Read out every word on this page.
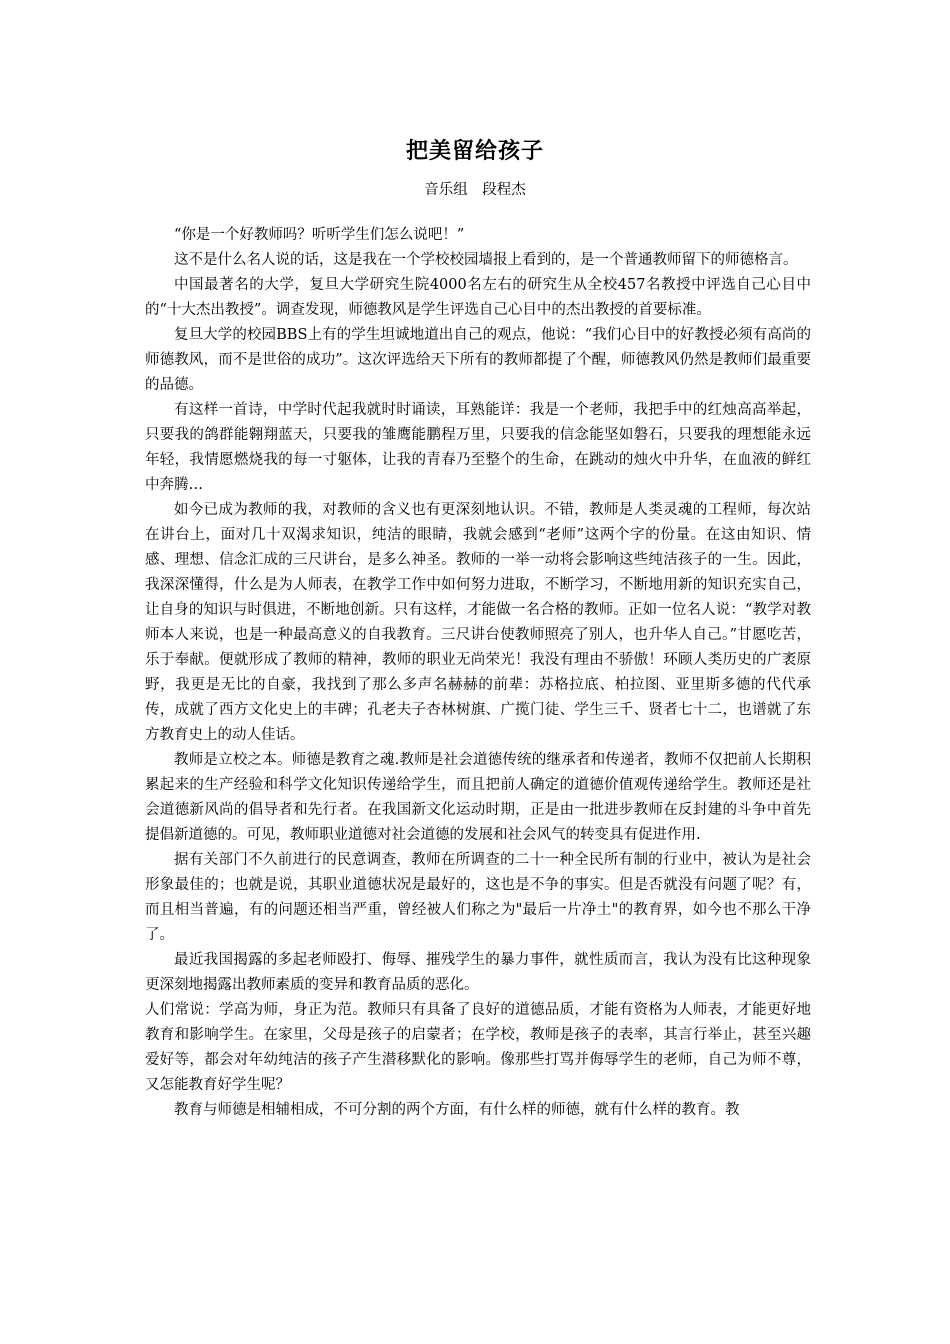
把美留给孩子
音乐组　段程杰

“你是一个好教师吗？听听学生们怎么说吧！”

这不是什么名人说的话，这是我在一个学校校园墙报上看到的，是一个普通教师留下的师德格言。

中国最著名的大学，复旦大学研究生院4000名左右的研究生从全校457名教授中评选自己心目中的“十大杰出教授”。调查发现，师德教风是学生评选自己心目中的杰出教授的首要标准。

复旦大学的校园BBS上有的学生坦诚地道出自己的观点，他说：“我们心目中的好教授必须有高尚的师德教风，而不是世俗的成功”。这次评选给天下所有的教师都提了个醒，师德教风仍然是教师们最重要的品德。

有这样一首诗，中学时代起我就时时诵读，耳熟能详：我是一个老师，我把手中的红烛高高举起，只要我的鸽群能翱翔蓝天，只要我的雏鹰能鹏程万里，只要我的信念能坚如磐石，只要我的理想能永远年轻，我情愿燃烧我的每一寸躯体，让我的青春乃至整个的生命，在跳动的烛火中升华，在血液的鲜红中奔腾…

如今已成为教师的我，对教师的含义也有更深刻地认识。不错，教师是人类灵魂的工程师，每次站在讲台上，面对几十双渴求知识，纯洁的眼睛，我就会感到“老师”这两个字的份量。在这由知识、情感、理想、信念汇成的三尺讲台，是多么神圣。教师的一举一动将会影响这些纯洁孩子的一生。因此，我深深懂得，什么是为人师表，在教学工作中如何努力进取，不断学习，不断地用新的知识充实自己，让自身的知识与时俱进，不断地创新。只有这样，才能做一名合格的教师。正如一位名人说：“教学对教师本人来说，也是一种最高意义的自我教育。三尺讲台使教师照亮了别人，也升华人自己。”甘愿吃苦，乐于奉献。便就形成了教师的精神，教师的职业无尚荣光！我没有理由不骄傲！环顾人类历史的广袤原野，我更是无比的自豪，我找到了那么多声名赫赫的前辈：苏格拉底、柏拉图、亚里斯多德的代代承传，成就了西方文化史上的丰碑；孔老夫子杏林树旗、广揽门徒、学生三千、贤者七十二，也谱就了东方教育史上的动人佳话。

教师是立校之本。师德是教育之魂.教师是社会道德传统的继承者和传递者，教师不仅把前人长期积累起来的生产经验和科学文化知识传递给学生，而且把前人确定的道德价值观传递给学生。教师还是社会道德新风尚的倡导者和先行者。在我国新文化运动时期，正是由一批进步教师在反封建的斗争中首先提倡新道德的。可见，教师职业道德对社会道德的发展和社会风气的转变具有促进作用.

据有关部门不久前进行的民意调查，教师在所调查的二十一种全民所有制的行业中，被认为是社会形象最佳的；也就是说，其职业道德状况是最好的，这也是不争的事实。但是否就没有问题了呢？有，而且相当普遍，有的问题还相当严重，曾经被人们称之为"最后一片净土"的教育界，如今也不那么干净了。

最近我国揭露的多起老师殴打、侮辱、摧残学生的暴力事件，就性质而言，我认为没有比这种现象更深刻地揭露出教师素质的变异和教育品质的恶化。

人们常说：学高为师，身正为范。教师只有具备了良好的道德品质，才能有资格为人师表，才能更好地教育和影响学生。在家里，父母是孩子的启蒙者；在学校，教师是孩子的表率，其言行举止，甚至兴趣爱好等，都会对年幼纯洁的孩子产生潜移默化的影响。像那些打骂并侮辱学生的老师，自己为师不尊，又怎能教育好学生呢？

教育与师德是相辅相成，不可分割的两个方面，有什么样的师德，就有什么样的教育。教
